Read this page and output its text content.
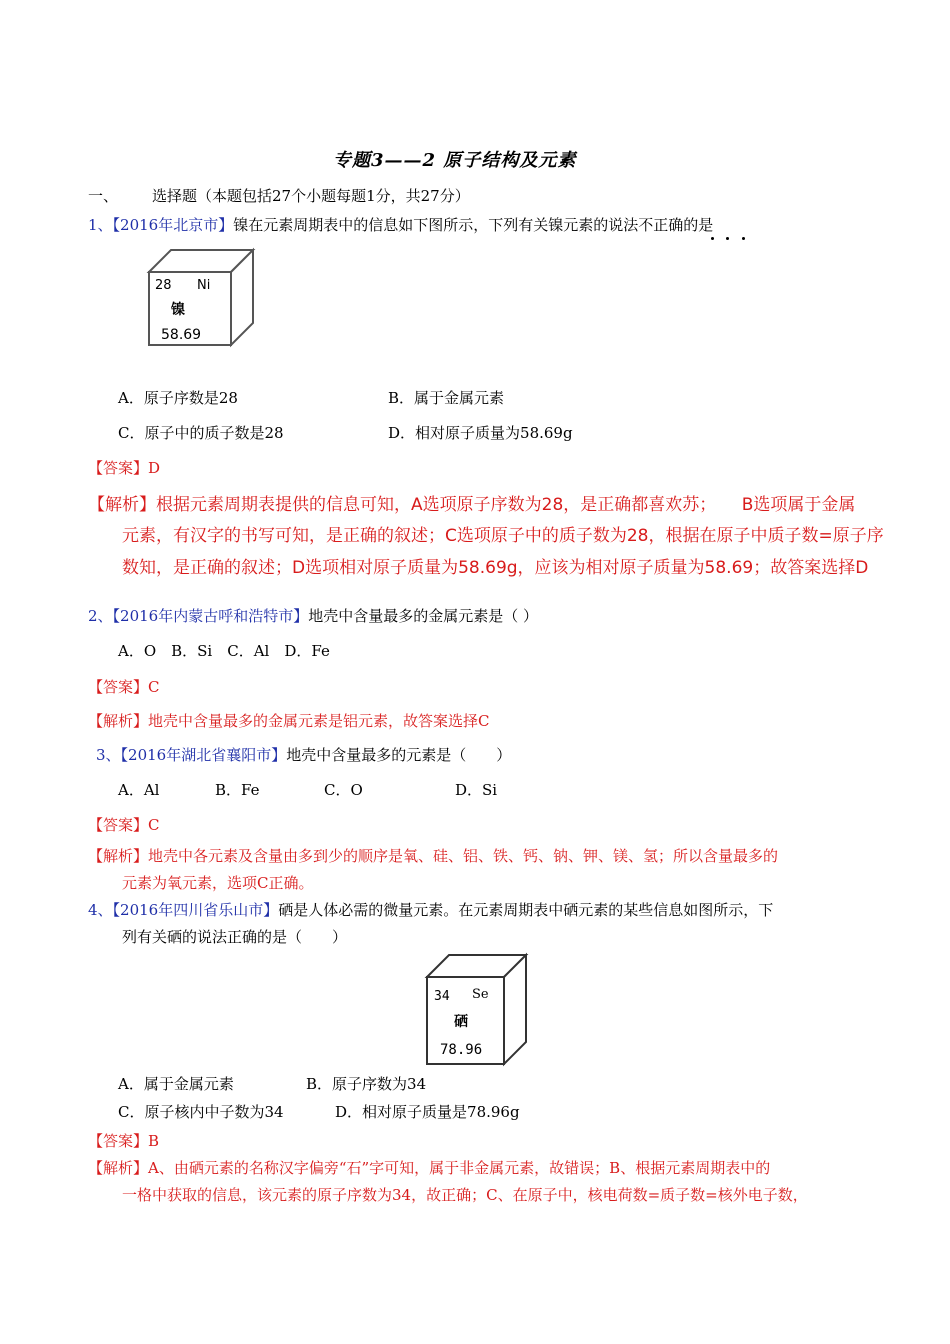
专题3——2 原子结构及元素
一、 选择题（本题包括27个小题每题1分，共27分）
1、【2016年北京市】镍在元素周期表中的信息如下图所示，下列有关镍元素的说法不正确的是
28 Ni
镍
58.69
A．原子序数是28	B．属于金属元素
C．原子中的质子数是28	D．相对原子质量为58.69g
【答案】D
【解析】根据元素周期表提供的信息可知，A选项原子序数为28，是正确都喜欢苏；　　B选项属于金属
元素，有汉字的书写可知，是正确的叙述；C选项原子中的质子数为28，根据在原子中质子数=原子序
数知，是正确的叙述；D选项相对原子质量为58.69g，应该为相对原子质量为58.69；故答案选择D
2、【2016年内蒙古呼和浩特市】地壳中含量最多的金属元素是（ ）
A．O　B．Si　C．Al　D．Fe
【答案】C
【解析】地壳中含量最多的金属元素是铝元素，故答案选择C
3、【2016年湖北省襄阳市】地壳中含量最多的元素是（　　）
A．Al	B．Fe	C．O	D．Si
【答案】C
【解析】地壳中各元素及含量由多到少的顺序是氧、硅、铝、铁、钙、钠、钾、镁、氢；所以含量最多的
元素为氧元素，选项C正确。
4、【2016年四川省乐山市】硒是人体必需的微量元素。在元素周期表中硒元素的某些信息如图所示，下
列有关硒的说法正确的是（　　）
34 Se
硒
78.96
A．属于金属元素	B．原子序数为34
C．原子核内中子数为34	D．相对原子质量是78.96g
【答案】B
【解析】A、由硒元素的名称汉字偏旁“石”字可知，属于非金属元素，故错误；B、根据元素周期表中的
一格中获取的信息，该元素的原子序数为34，故正确；C、在原子中，核电荷数=质子数=核外电子数，
